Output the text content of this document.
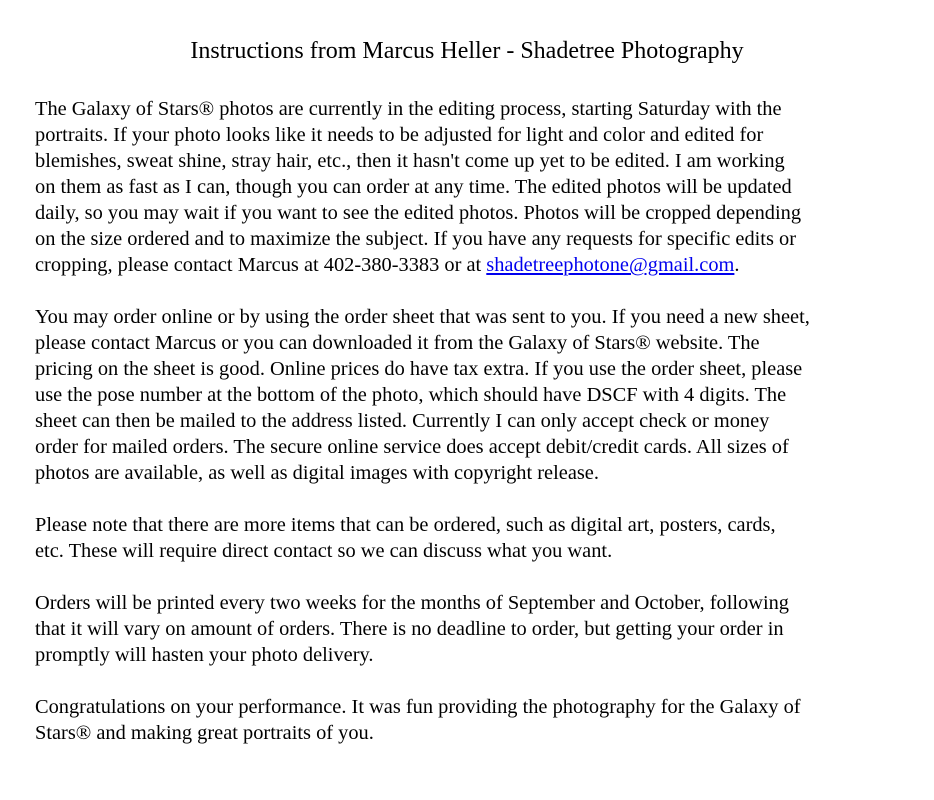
Instructions from Marcus Heller - Shadetree Photography

The Galaxy of Stars® photos are currently in the editing process, starting Saturday with the
portraits. If your photo looks like it needs to be adjusted for light and color and edited for
blemishes, sweat shine, stray hair, etc., then it hasn't come up yet to be edited. I am working
on them as fast as I can, though you can order at any time. The edited photos will be updated
daily, so you may wait if you want to see the edited photos. Photos will be cropped depending
on the size ordered and to maximize the subject. If you have any requests for specific edits or
cropping, please contact Marcus at 402-380-3383 or at shadetreephotone@gmail.com.

You may order online or by using the order sheet that was sent to you. If you need a new sheet,
please contact Marcus or you can downloaded it from the Galaxy of Stars® website. The
pricing on the sheet is good. Online prices do have tax extra. If you use the order sheet, please
use the pose number at the bottom of the photo, which should have DSCF with 4 digits. The
sheet can then be mailed to the address listed. Currently I can only accept check or money
order for mailed orders. The secure online service does accept debit/credit cards. All sizes of
photos are available, as well as digital images with copyright release.

Please note that there are more items that can be ordered, such as digital art, posters, cards,
etc. These will require direct contact so we can discuss what you want.

Orders will be printed every two weeks for the months of September and October, following
that it will vary on amount of orders. There is no deadline to order, but getting your order in
promptly will hasten your photo delivery.

Congratulations on your performance. It was fun providing the photography for the Galaxy of
Stars® and making great portraits of you.
